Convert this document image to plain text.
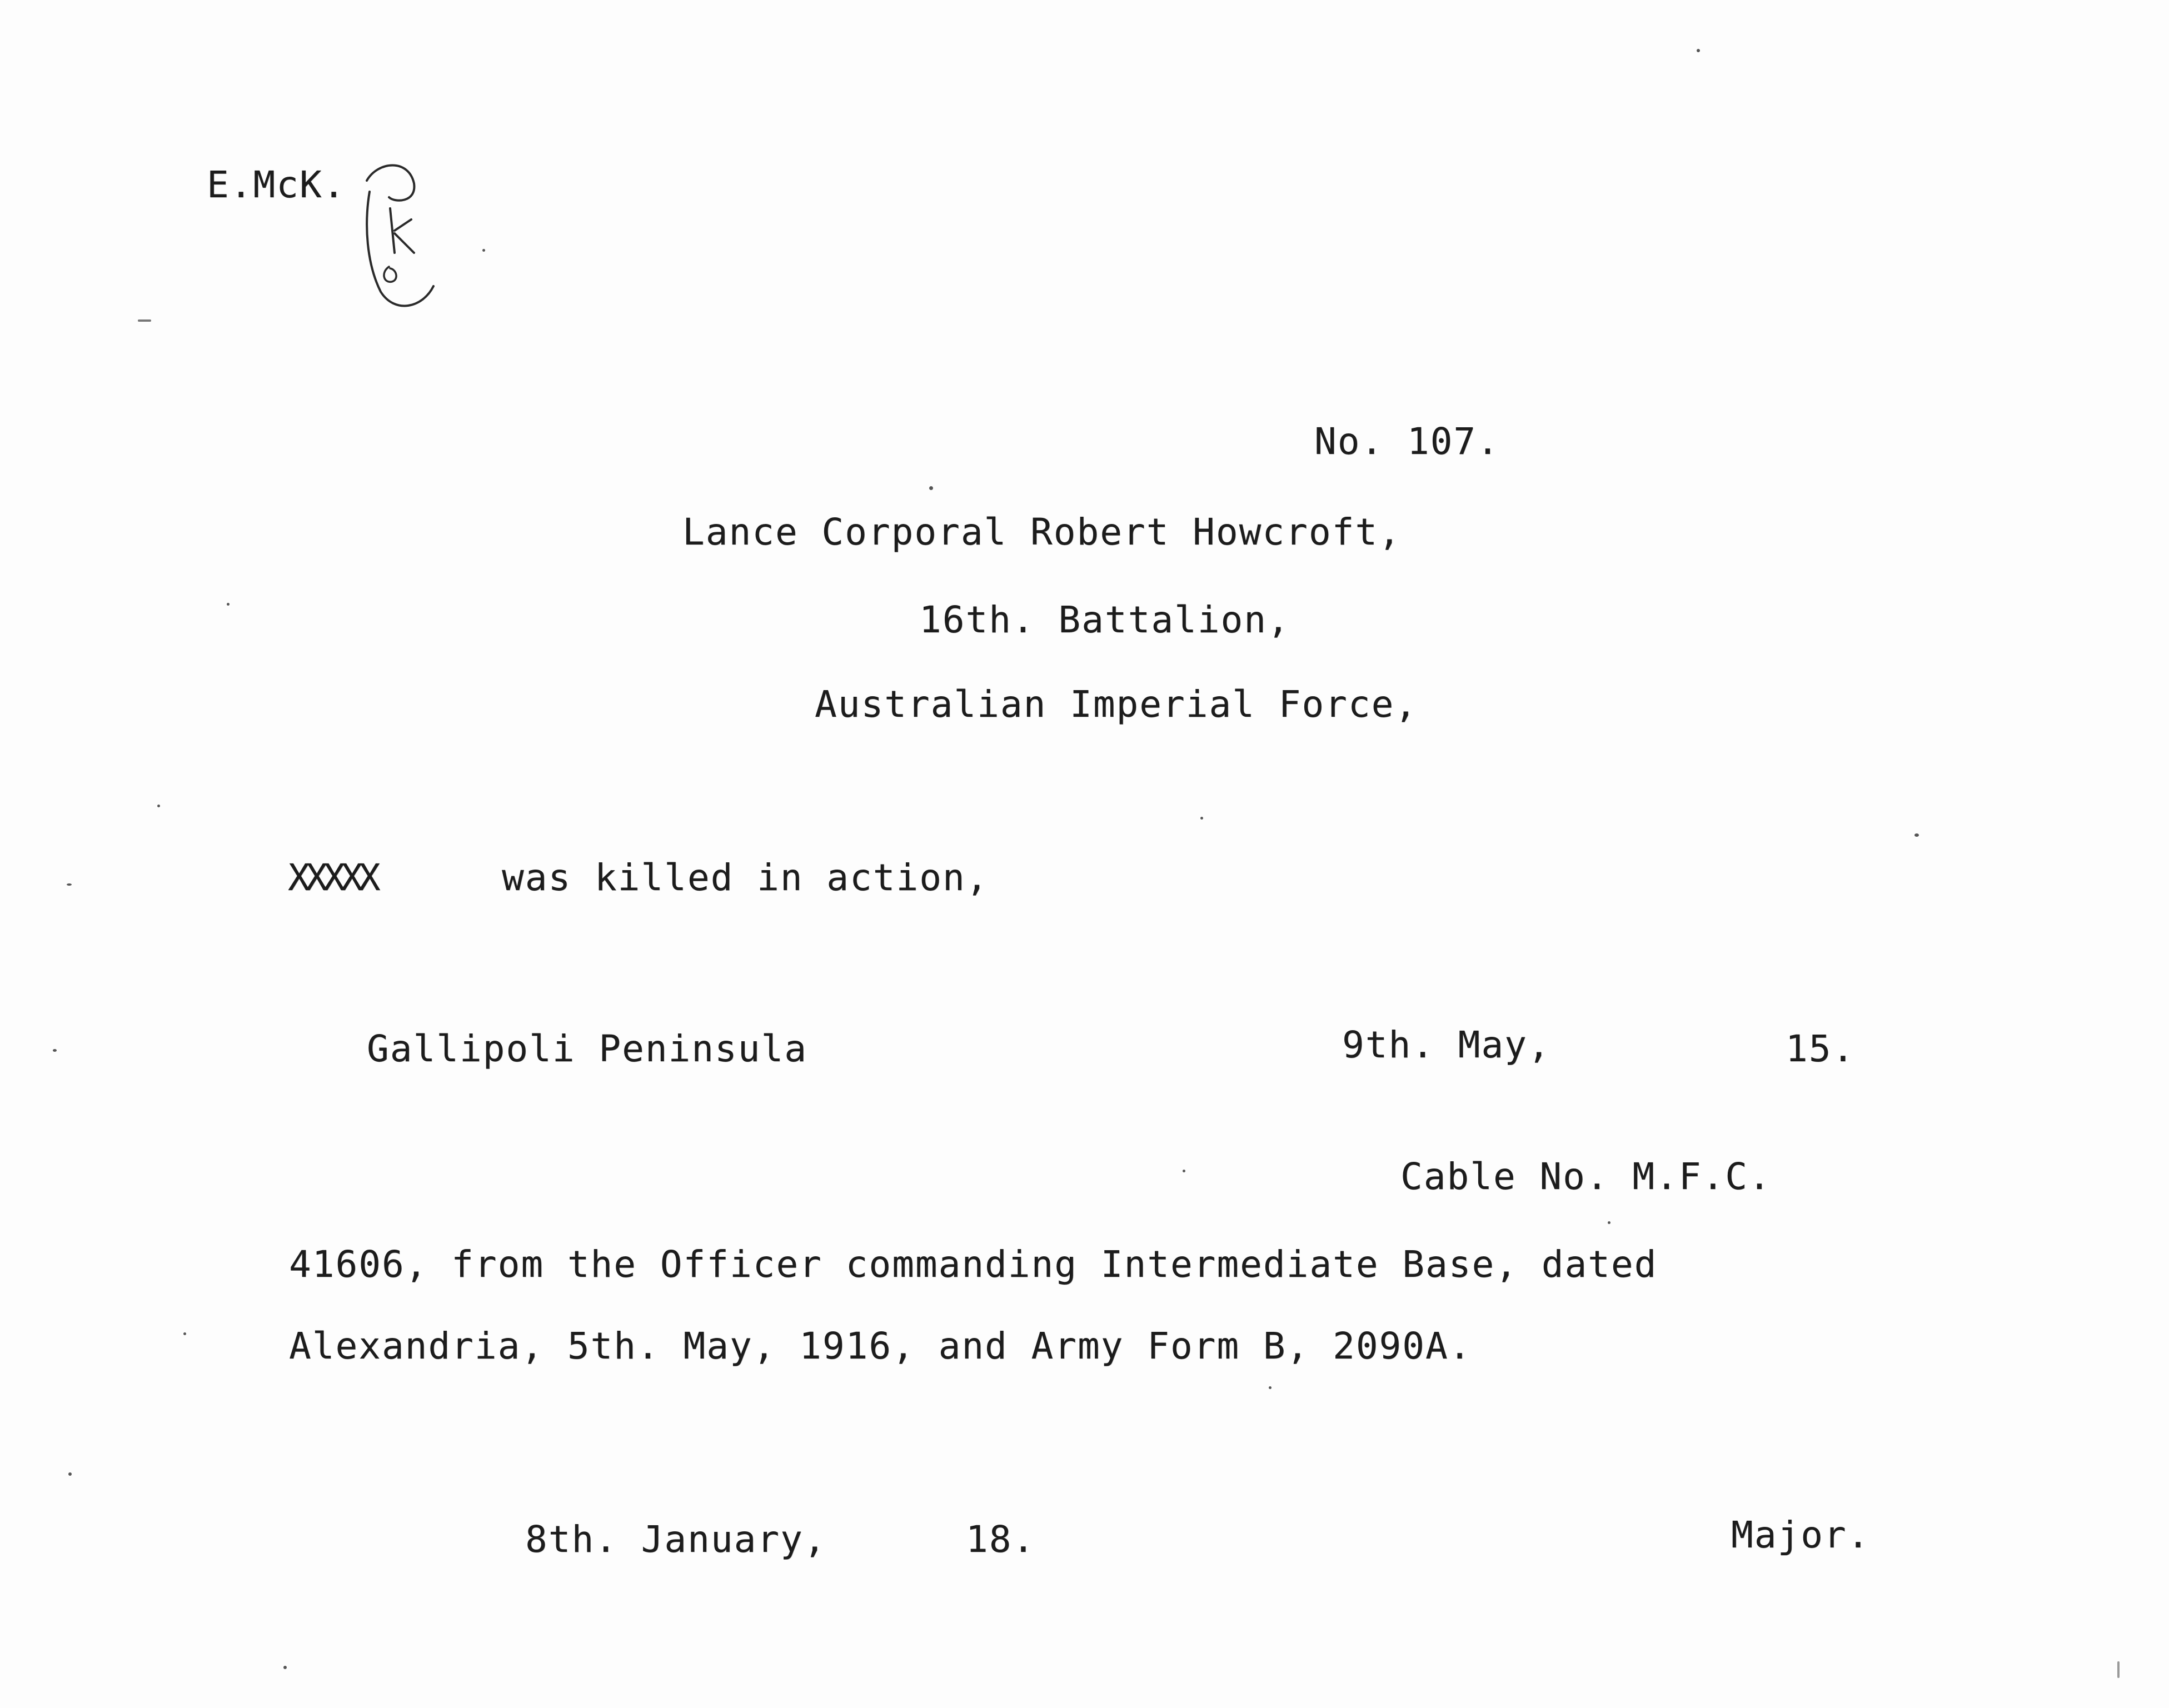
E.McK.
No. 107.
Lance Corporal Robert Howcroft,
16th. Battalion,
Australian Imperial Force,
XXXXX	was killed in action,
Gallipoli Peninsula	9th. May,	15.
Cable No. M.F.C.
41606, from the Officer commanding Intermediate Base, dated
Alexandria, 5th. May, 1916, and Army Form B, 2090A.
8th. January,	18.	Major.
